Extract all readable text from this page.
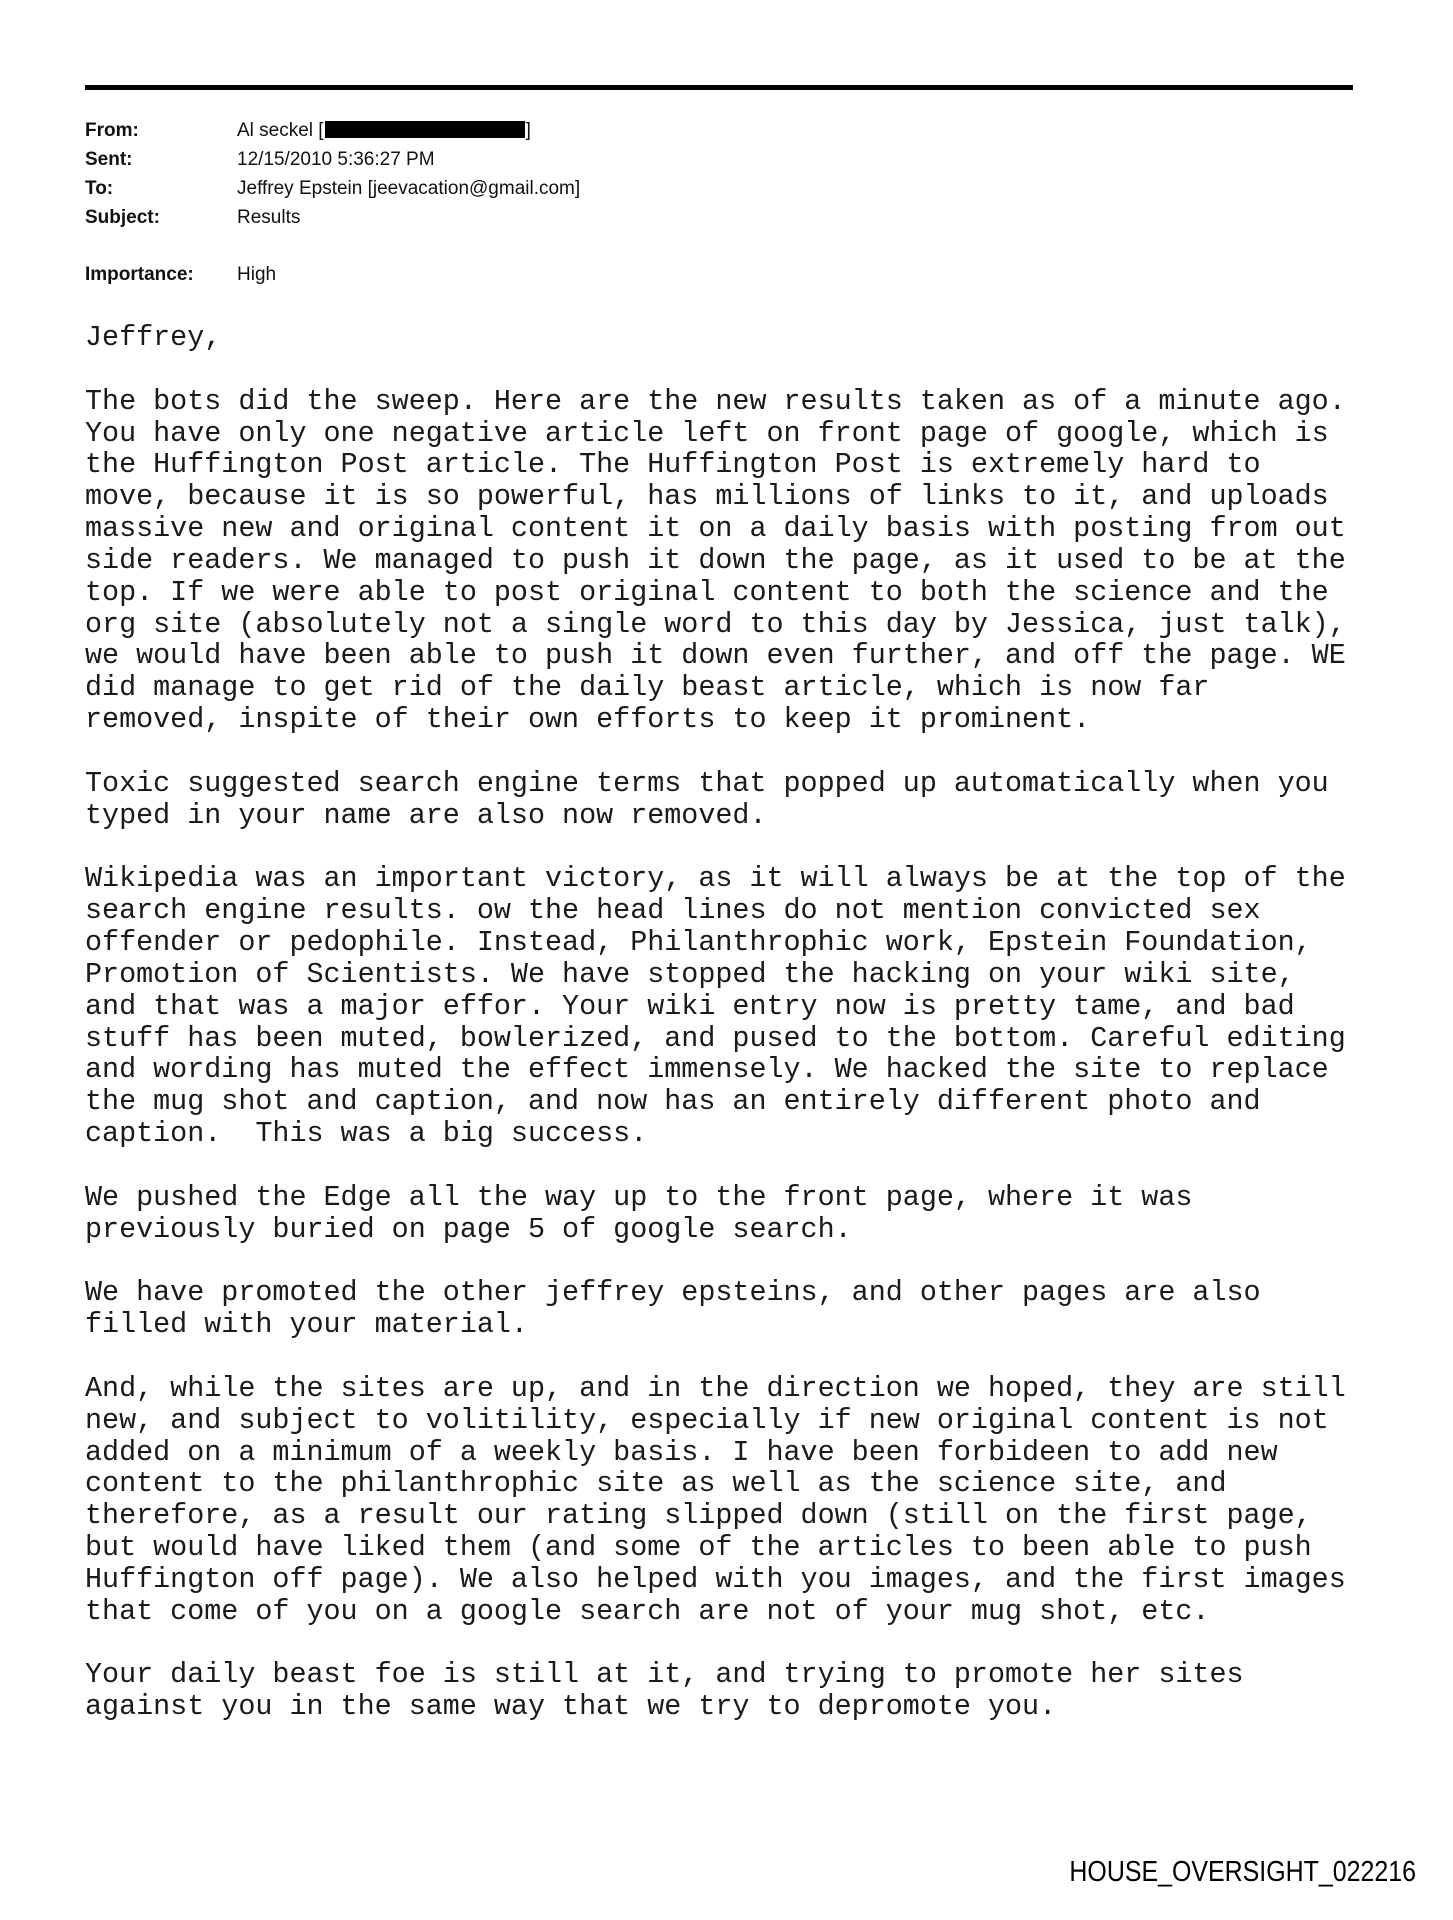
From:	Al seckel [	]
Sent:	12/15/2010 5:36:27 PM
To:	Jeffrey Epstein [jeevacation@gmail.com]
Subject:	Results
Importance: High
Jeffrey,
The bots did the sweep. Here are the new results taken as of a minute ago.
You have only one negative article left on front page of google, which is
the Huffington Post article. The Huffington Post is extremely hard to
move, because it is so powerful, has millions of links to it, and uploads
massive new and original content it on a daily basis with posting from out
side readers. We managed to push it down the page, as it used to be at the
top. If we were able to post original content to both the science and the
org site (absolutely not a single word to this day by Jessica, just talk),
we would have been able to push it down even further, and off the page. WE
did manage to get rid of the daily beast article, which is now far
removed, inspite of their own efforts to keep it prominent.
Toxic suggested search engine terms that popped up automatically when you
typed in your name are also now removed.
Wikipedia was an important victory, as it will always be at the top of the
search engine results. ow the head lines do not mention convicted sex
offender or pedophile. Instead, Philanthrophic work, Epstein Foundation,
Promotion of Scientists. We have stopped the hacking on your wiki site,
and that was a major effor. Your wiki entry now is pretty tame, and bad
stuff has been muted, bowlerized, and pused to the bottom. Careful editing
and wording has muted the effect immensely. We hacked the site to replace
the mug shot and caption, and now has an entirely different photo and
caption.  This was a big success.
We pushed the Edge all the way up to the front page, where it was
previously buried on page 5 of google search.
We have promoted the other jeffrey epsteins, and other pages are also
filled with your material.
And, while the sites are up, and in the direction we hoped, they are still
new, and subject to volitility, especially if new original content is not
added on a minimum of a weekly basis. I have been forbideen to add new
content to the philanthrophic site as well as the science site, and
therefore, as a result our rating slipped down (still on the first page,
but would have liked them (and some of the articles to been able to push
Huffington off page). We also helped with you images, and the first images
that come of you on a google search are not of your mug shot, etc.
Your daily beast foe is still at it, and trying to promote her sites
against you in the same way that we try to depromote you.
HOUSE_OVERSIGHT_022216
